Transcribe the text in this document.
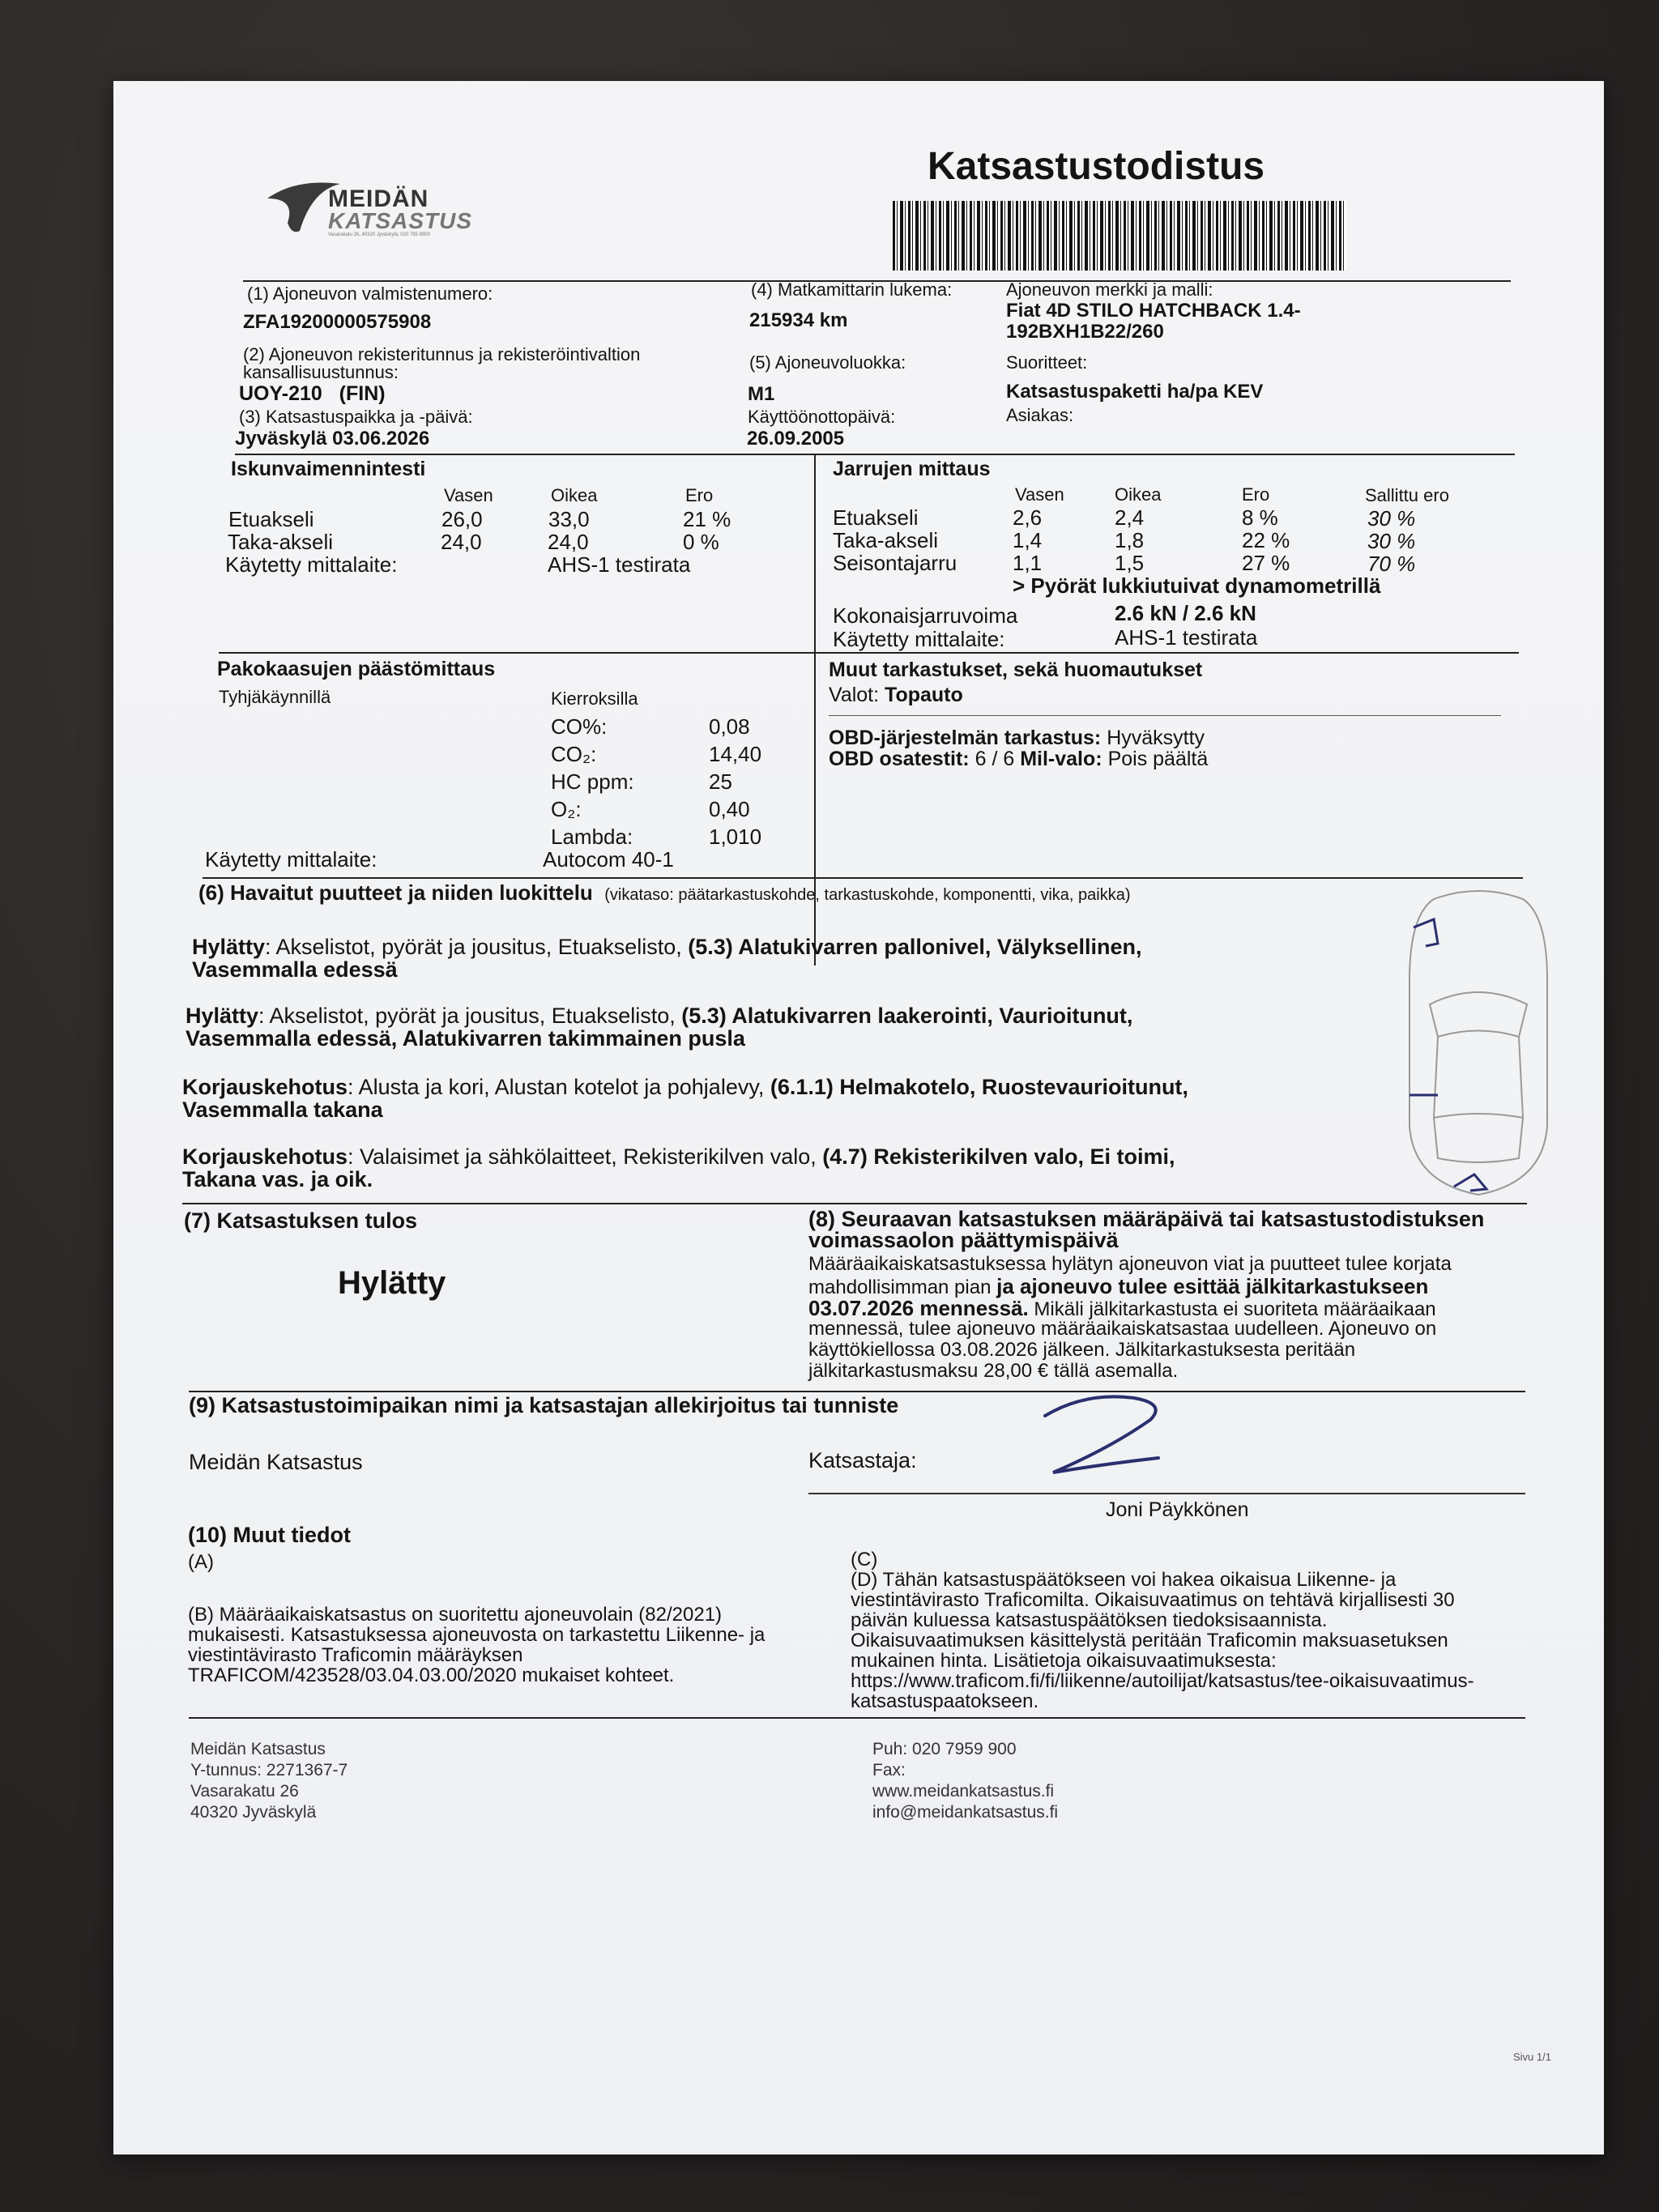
MEIDÄN
KATSASTUS
Vasarakatu 26, 40320 Jyväskylä, 020 795 9900
Katsastustodistus
(1) Ajoneuvon valmistenumero:
ZFA19200000575908
(2) Ajoneuvon rekisteritunnus ja rekisteröintivaltion
kansallisuustunnus:
UOY-210   (FIN)
(3) Katsastuspaikka ja -päivä:
Jyväskylä 03.06.2026
(4) Matkamittarin lukema:
215934 km
(5) Ajoneuvoluokka:
M1
Käyttöönottopäivä:
26.09.2005
Ajoneuvon merkki ja malli:
Fiat 4D STILO HATCHBACK 1.4-
192BXH1B22/260
Suoritteet:
Katsastuspaketti ha/pa KEV
Asiakas:
Iskunvaimennintesti
Vasen	Oikea	Ero
Etuakseli	26,0	33,0	21 %
Taka-akseli	24,0	24,0	0 %
Käytetty mittalaite:	AHS-1 testirata
Jarrujen mittaus
Vasen	Oikea	Ero	Sallittu ero
Etuakseli	2,6	2,4	8 %	30 %
Taka-akseli	1,4	1,8	22 %	30 %
Seisontajarru	1,1	1,5	27 %	70 %
> Pyörät lukkiutuivat dynamometrillä
Kokonaisjarruvoima	2.6 kN / 2.6 kN
Käytetty mittalaite:	AHS-1 testirata
Pakokaasujen päästömittaus
Tyhjäkäynnillä	Kierroksilla
CO%:	0,08
CO₂:	14,40
HC ppm:	25
O₂:	0,40
Lambda:	1,010
Käytetty mittalaite:	Autocom 40-1
Muut tarkastukset, sekä huomautukset
Valot: Topauto
OBD-järjestelmän tarkastus: Hyväksytty
OBD osatestit: 6 / 6 Mil-valo: Pois päältä
(6) Havaitut puutteet ja niiden luokittelu (vikataso: päätarkastuskohde, tarkastuskohde, komponentti, vika, paikka)
Hylätty: Akselistot, pyörät ja jousitus, Etuakselisto, (5.3) Alatukivarren pallonivel, Välyksellinen,
Vasemmalla edessä
Hylätty: Akselistot, pyörät ja jousitus, Etuakselisto, (5.3) Alatukivarren laakerointi, Vaurioitunut,
Vasemmalla edessä, Alatukivarren takimmainen pusla
Korjauskehotus: Alusta ja kori, Alustan kotelot ja pohjalevy, (6.1.1) Helmakotelo, Ruostevaurioitunut,
Vasemmalla takana
Korjauskehotus: Valaisimet ja sähkölaitteet, Rekisterikilven valo, (4.7) Rekisterikilven valo, Ei toimi,
Takana vas. ja oik.
(7) Katsastuksen tulos
Hylätty
(8) Seuraavan katsastuksen määräpäivä tai katsastustodistuksen
voimassaolon päättymispäivä
Määräaikaiskatsastuksessa hylätyn ajoneuvon viat ja puutteet tulee korjata
mahdollisimman pian ja ajoneuvo tulee esittää jälkitarkastukseen
03.07.2026 mennessä. Mikäli jälkitarkastusta ei suoriteta määräaikaan
mennessä, tulee ajoneuvo määräaikaiskatsastaa uudelleen. Ajoneuvo on
käyttökiellossa 03.08.2026 jälkeen. Jälkitarkastuksesta peritään
jälkitarkastusmaksu 28,00 € tällä asemalla.
(9) Katsastustoimipaikan nimi ja katsastajan allekirjoitus tai tunniste
Meidän Katsastus	Katsastaja:
Joni Päykkönen
(10) Muut tiedot
(A)
(B) Määräaikaiskatsastus on suoritettu ajoneuvolain (82/2021)
mukaisesti. Katsastuksessa ajoneuvosta on tarkastettu Liikenne- ja
viestintävirasto Traficomin määräyksen
TRAFICOM/423528/03.04.03.00/2020 mukaiset kohteet.
(C)
(D) Tähän katsastuspäätökseen voi hakea oikaisua Liikenne- ja
viestintävirasto Traficomilta. Oikaisuvaatimus on tehtävä kirjallisesti 30
päivän kuluessa katsastuspäätöksen tiedoksisaannista.
Oikaisuvaatimuksen käsittelystä peritään Traficomin maksuasetuksen
mukainen hinta. Lisätietoja oikaisuvaatimuksesta:
https://www.traficom.fi/fi/liikenne/autoilijat/katsastus/tee-oikaisuvaatimus-
katsastuspaatokseen.
Meidän Katsastus
Y-tunnus: 2271367-7
Vasarakatu 26
40320 Jyväskylä
Puh: 020 7959 900
Fax:
www.meidankatsastus.fi
info@meidankatsastus.fi
Sivu 1/1
